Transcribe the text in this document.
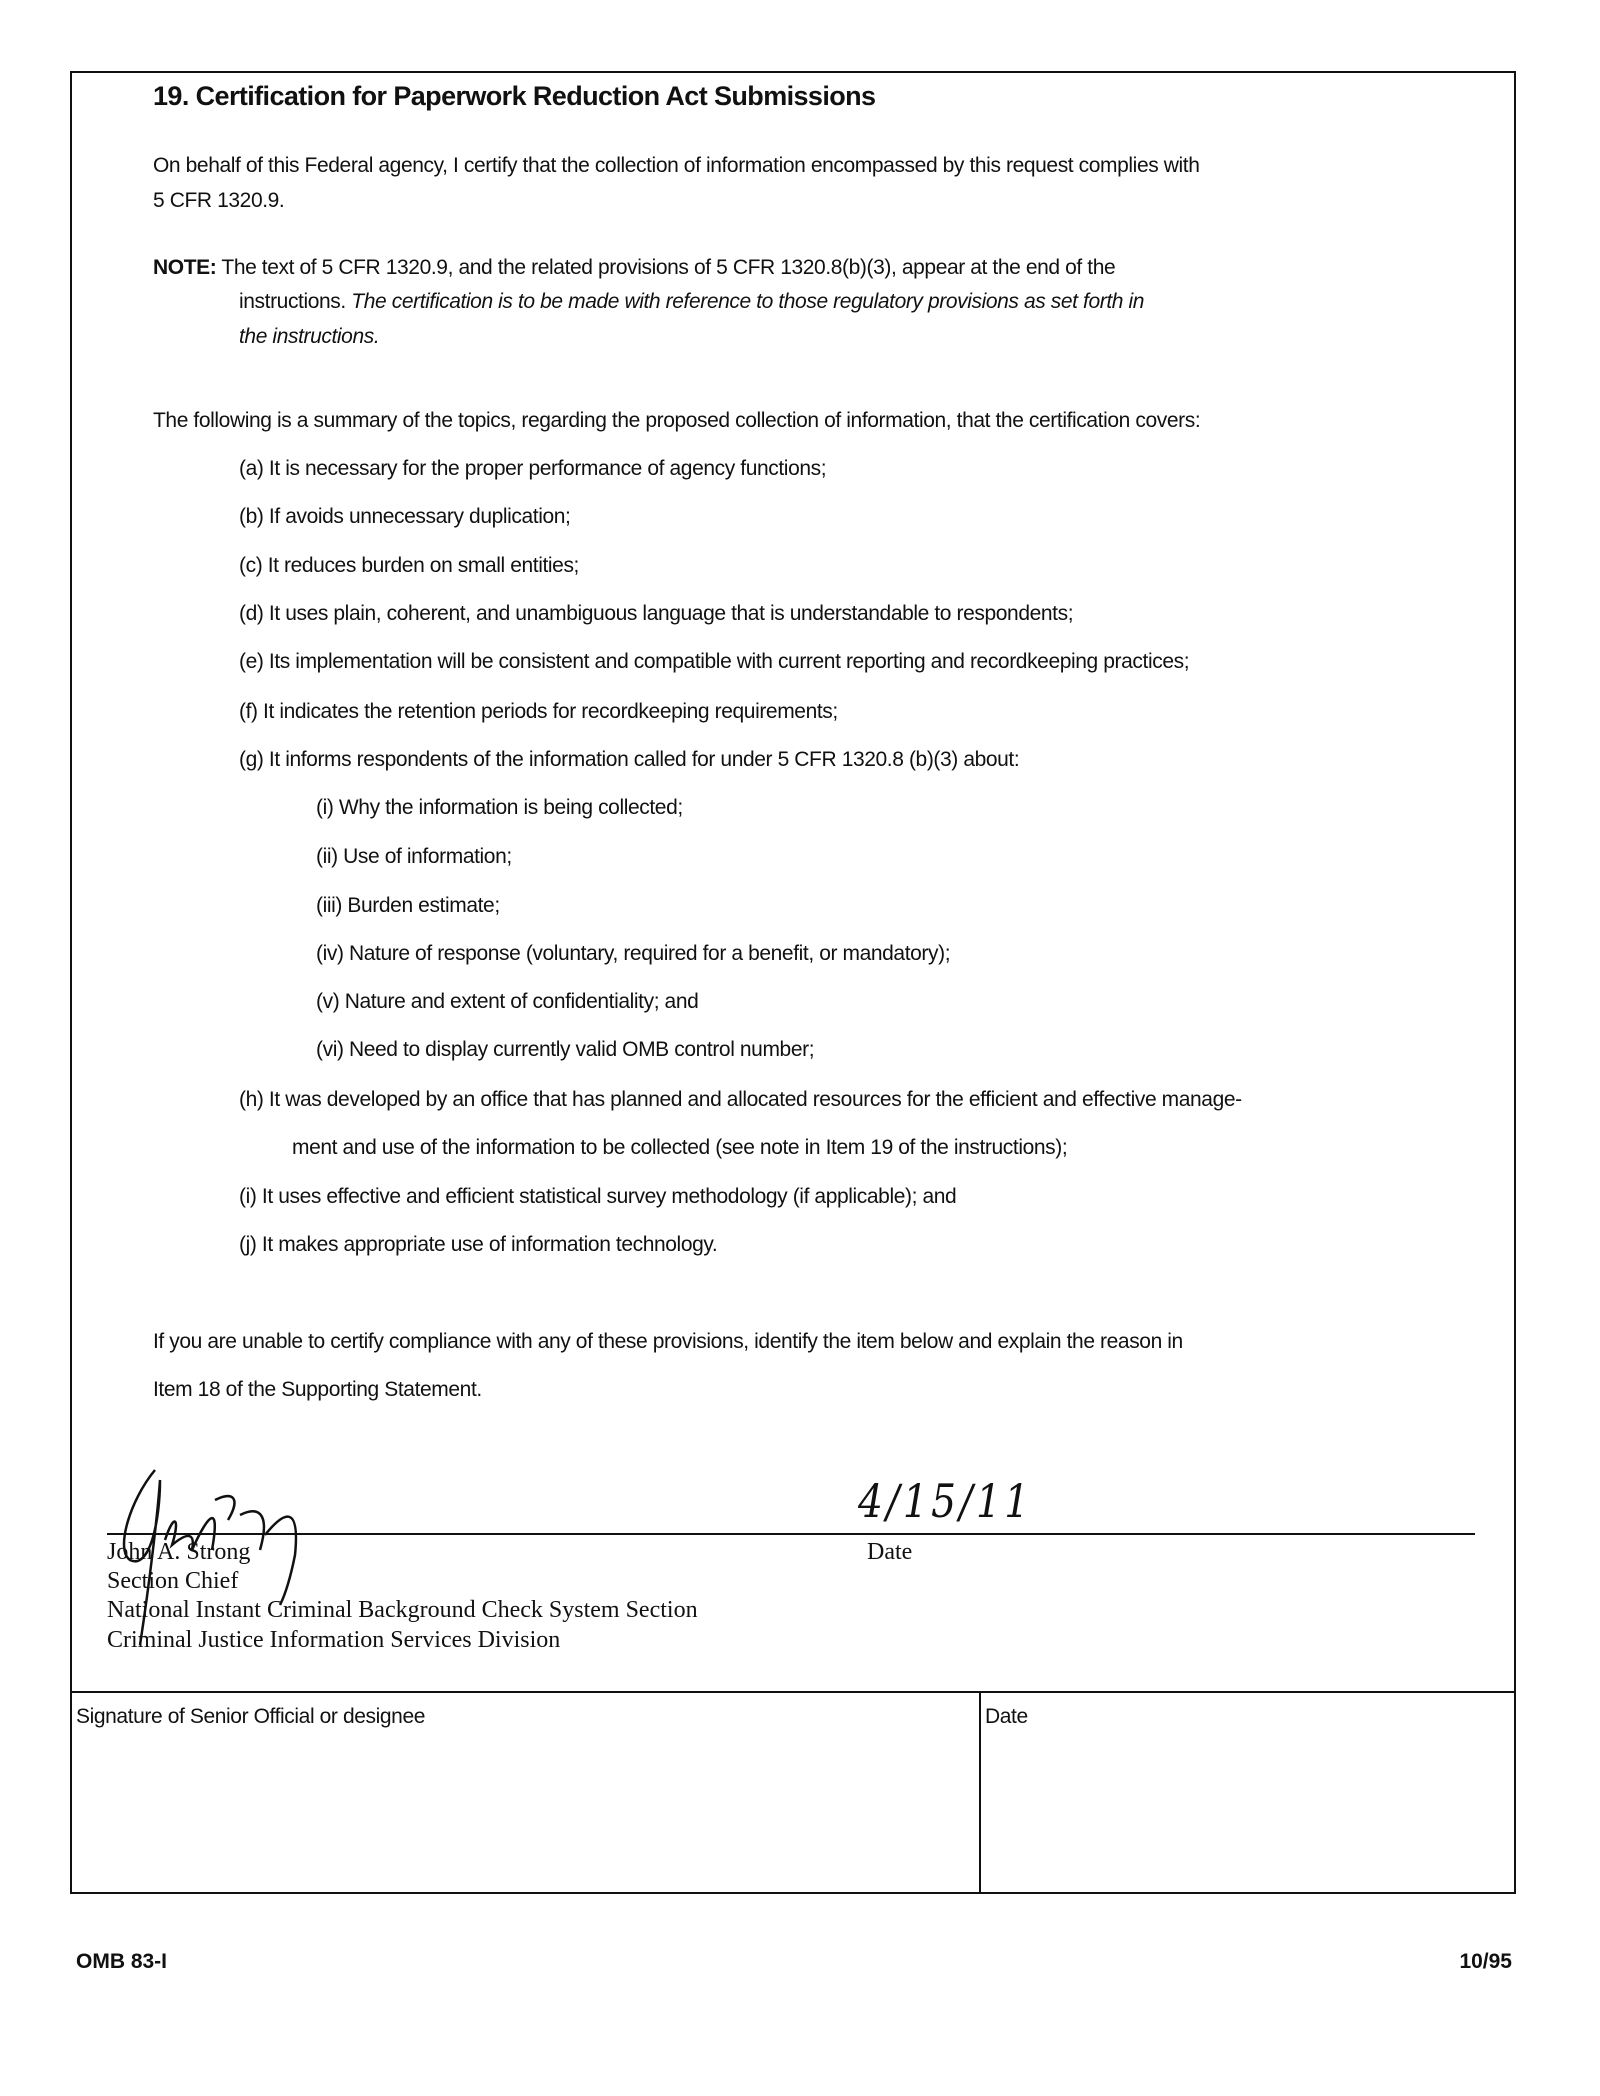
19. Certification for Paperwork Reduction Act Submissions
On behalf of this Federal agency, I certify that the collection of information encompassed by this request complies with
5 CFR 1320.9.
NOTE: The text of 5 CFR 1320.9, and the related provisions of 5 CFR 1320.8(b)(3), appear at the end of the
instructions. The certification is to be made with reference to those regulatory provisions as set forth in
the instructions.
The following is a summary of the topics, regarding the proposed collection of information, that the certification covers:
(a) It is necessary for the proper performance of agency functions;
(b) If avoids unnecessary duplication;
(c) It reduces burden on small entities;
(d) It uses plain, coherent, and unambiguous language that is understandable to respondents;
(e) Its implementation will be consistent and compatible with current reporting and recordkeeping practices;
(f) It indicates the retention periods for recordkeeping requirements;
(g) It informs respondents of the information called for under 5 CFR 1320.8 (b)(3) about:
(i) Why the information is being collected;
(ii) Use of information;
(iii) Burden estimate;
(iv) Nature of response (voluntary, required for a benefit, or mandatory);
(v) Nature and extent of confidentiality; and
(vi) Need to display currently valid OMB control number;
(h) It was developed by an office that has planned and allocated resources for the efficient and effective manage-
ment and use of the information to be collected (see note in Item 19 of the instructions);
(i) It uses effective and efficient statistical survey methodology (if applicable); and
(j) It makes appropriate use of information technology.
If you are unable to certify compliance with any of these provisions, identify the item below and explain the reason in
Item 18 of the Supporting Statement.
4/15/11
John A. Strong
Section Chief
National Instant Criminal Background Check System Section
Criminal Justice Information Services Division
Date
Signature of Senior Official or designee	Date
OMB 83-I	10/95
